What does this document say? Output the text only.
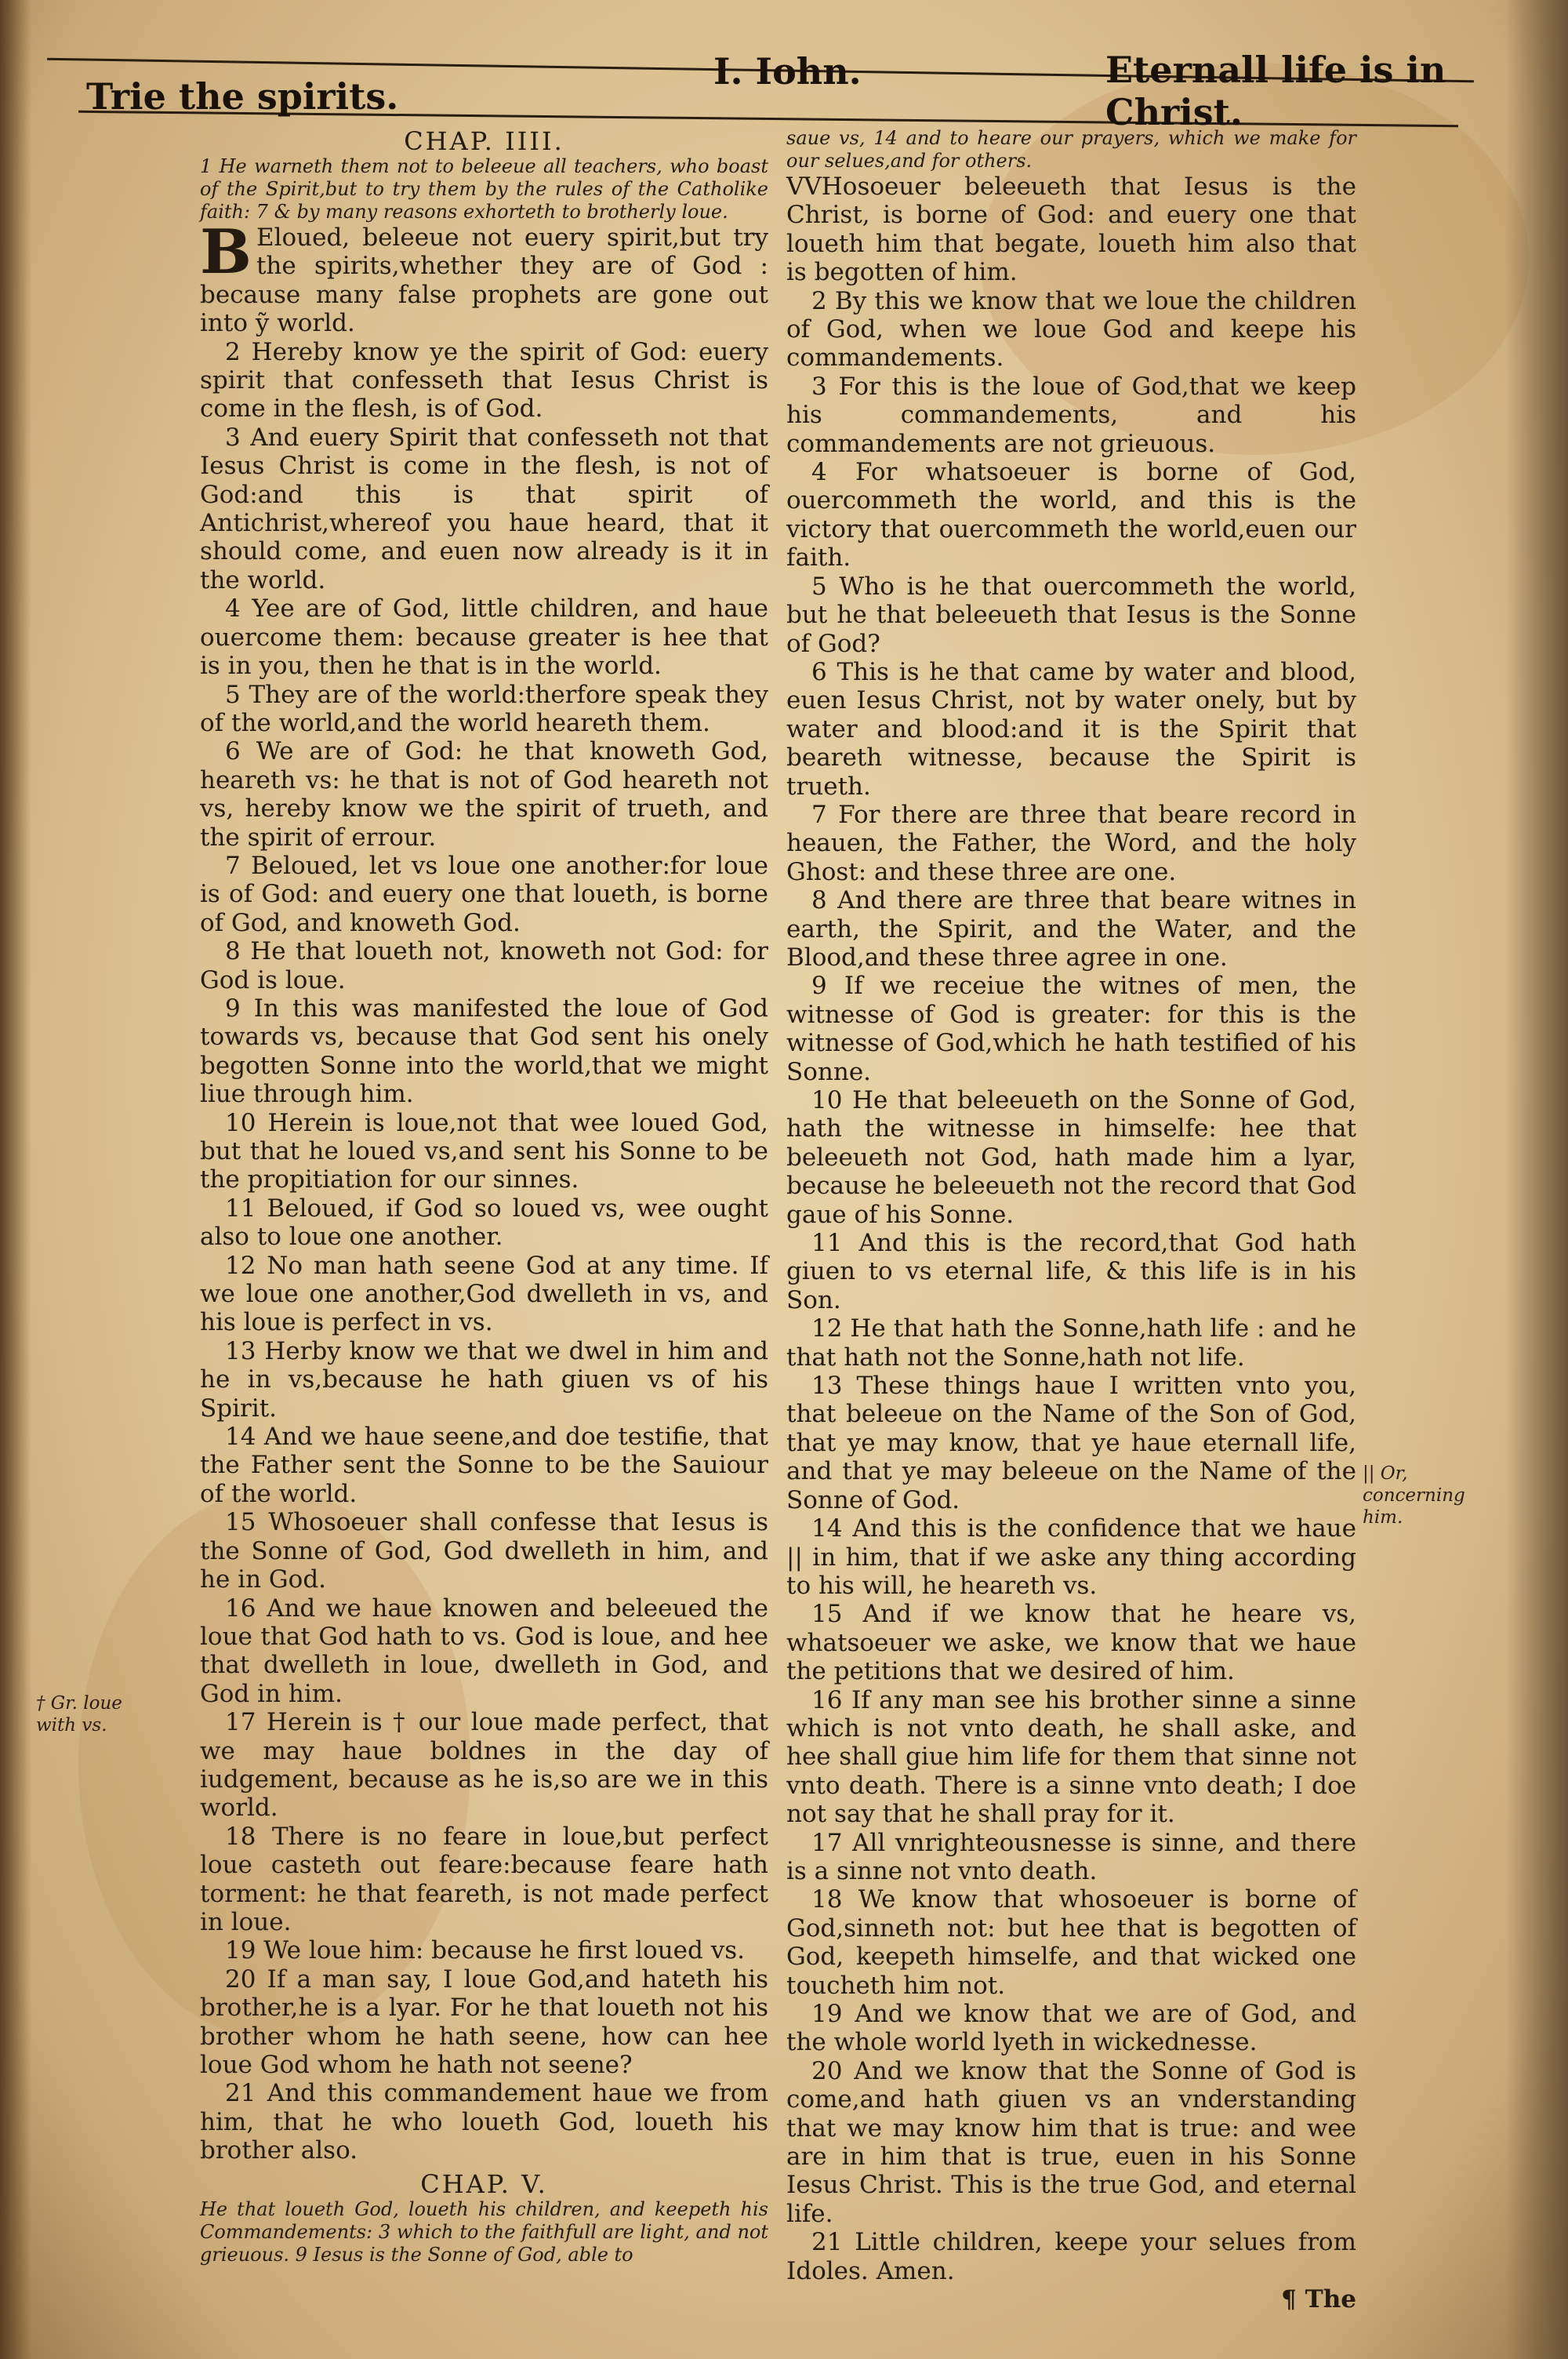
Trie the spirits.
I. Iohn.	Eternall life is in Christ.

CHAP. IIII.

1 He warneth them not to beleeue all teachers, who boast of the Spirit,but to try them by the rules of the Catholike faith: 7 & by many reasons exhorteth to brotherly loue.

B Eloued, beleeue not euery spirit,but try the spirits,whether they are of God : because many false prophets are gone out into ỹ world.

2 Hereby know ye the spirit of God: euery spirit that confesseth that Iesus Christ is come in the flesh, is of God.

3 And euery Spirit that confesseth not that Iesus Christ is come in the flesh, is not of God:and this is that spirit of Antichrist,whereof you haue heard, that it should come, and euen now already is it in the world.

4 Yee are of God, little children, and haue ouercome them: because greater is hee that is in you, then he that is in the world.

5 They are of the world:therfore speak they of the world,and the world heareth them.

6 We are of God: he that knoweth God, heareth vs: he that is not of God heareth not vs, hereby know we the spirit of trueth, and the spirit of errour.

7 Beloued, let vs loue one another:for loue is of God: and euery one that loueth, is borne of God, and knoweth God.

8 He that loueth not, knoweth not God: for God is loue.

9 In this was manifested the loue of God towards vs, because that God sent his onely begotten Sonne into the world,that we might liue through him.

10 Herein is loue,not that wee loued God, but that he loued vs,and sent his Sonne to be the propitiation for our sinnes.

11 Beloued, if God so loued vs, wee ought also to loue one another.

12 No man hath seene God at any time. If we loue one another,God dwelleth in vs, and his loue is perfect in vs.

13 Herby know we that we dwel in him and he in vs,because he hath giuen vs of his Spirit.

14 And we haue seene,and doe testifie, that the Father sent the Sonne to be the Sauiour of the world.

15 Whosoeuer shall confesse that Iesus is the Sonne of God, God dwelleth in him, and he in God.

16 And we haue knowen and beleeued the loue that God hath to vs. God is loue, and hee that dwelleth in loue, dwelleth in God, and God in him.

17 Herein is † our loue made perfect, that we may haue boldnes in the day of iudgement, because as he is,so are we in this world.

18 There is no feare in loue,but perfect loue casteth out feare:because feare hath torment: he that feareth, is not made perfect in loue.

19 We loue him: because he first loued vs.

20 If a man say, I loue God,and hateth his brother,he is a lyar. For he that loueth not his brother whom he hath seene, how can hee loue God whom he hath not seene?

21 And this commandement haue we from him, that he who loueth God, loueth his brother also.

CHAP. V.

He that loueth God, loueth his children, and keepeth his Commandements: 3 which to the faithfull are light, and not grieuous. 9 Iesus is the Sonne of God, able to

saue vs, 14 and to heare our prayers, which we make for our selues,and for others.

VVHosoeuer beleeueth that Iesus is the Christ, is borne of God: and euery one that loueth him that begate, loueth him also that is begotten of him.

2 By this we know that we loue the children of God, when we loue God and keepe his commandements.

3 For this is the loue of God,that we keep his commandements, and his commandements are not grieuous.

4 For whatsoeuer is borne of God, ouercommeth the world, and this is the victory that ouercommeth the world,euen our faith.

5 Who is he that ouercommeth the world, but he that beleeueth that Iesus is the Sonne of God?

6 This is he that came by water and blood, euen Iesus Christ, not by water onely, but by water and blood:and it is the Spirit that beareth witnesse, because the Spirit is trueth.

7 For there are three that beare record in heauen, the Father, the Word, and the holy Ghost: and these three are one.

8 And there are three that beare witnes in earth, the Spirit, and the Water, and the Blood,and these three agree in one.

9 If we receiue the witnes of men, the witnesse of God is greater: for this is the witnesse of God,which he hath testified of his Sonne.

10 He that beleeueth on the Sonne of God, hath the witnesse in himselfe: hee that beleeueth not God, hath made him a lyar, because he beleeueth not the record that God gaue of his Sonne.

11 And this is the record,that God hath giuen to vs eternal life, & this life is in his Son.

12 He that hath the Sonne,hath life : and he that hath not the Sonne,hath not life.

13 These things haue I written vnto you, that beleeue on the Name of the Son of God, that ye may know, that ye haue eternall life, and that ye may beleeue on the Name of the Sonne of God.

14 And this is the confidence that we haue || in him, that if we aske any thing according to his will, he heareth vs.

15 And if we know that he heare vs, whatsoeuer we aske, we know that we haue the petitions that we desired of him.

16 If any man see his brother sinne a sinne which is not vnto death, he shall aske, and hee shall giue him life for them that sinne not vnto death. There is a sinne vnto death; I doe not say that he shall pray for it.

17 All vnrighteousnesse is sinne, and there is a sinne not vnto death.

18 We know that whosoeuer is borne of God,sinneth not: but hee that is begotten of God, keepeth himselfe, and that wicked one toucheth him not.

19 And we know that we are of God, and the whole world lyeth in wickednesse.

20 And we know that the Sonne of God is come,and hath giuen vs an vnderstanding that we may know him that is true: and wee are in him that is true, euen in his Sonne Iesus Christ. This is the true God, and eternal life.

21 Little children, keepe your selues from Idoles. Amen.

¶ The

† Gr. loue with vs.
|| Or, concerning him.
